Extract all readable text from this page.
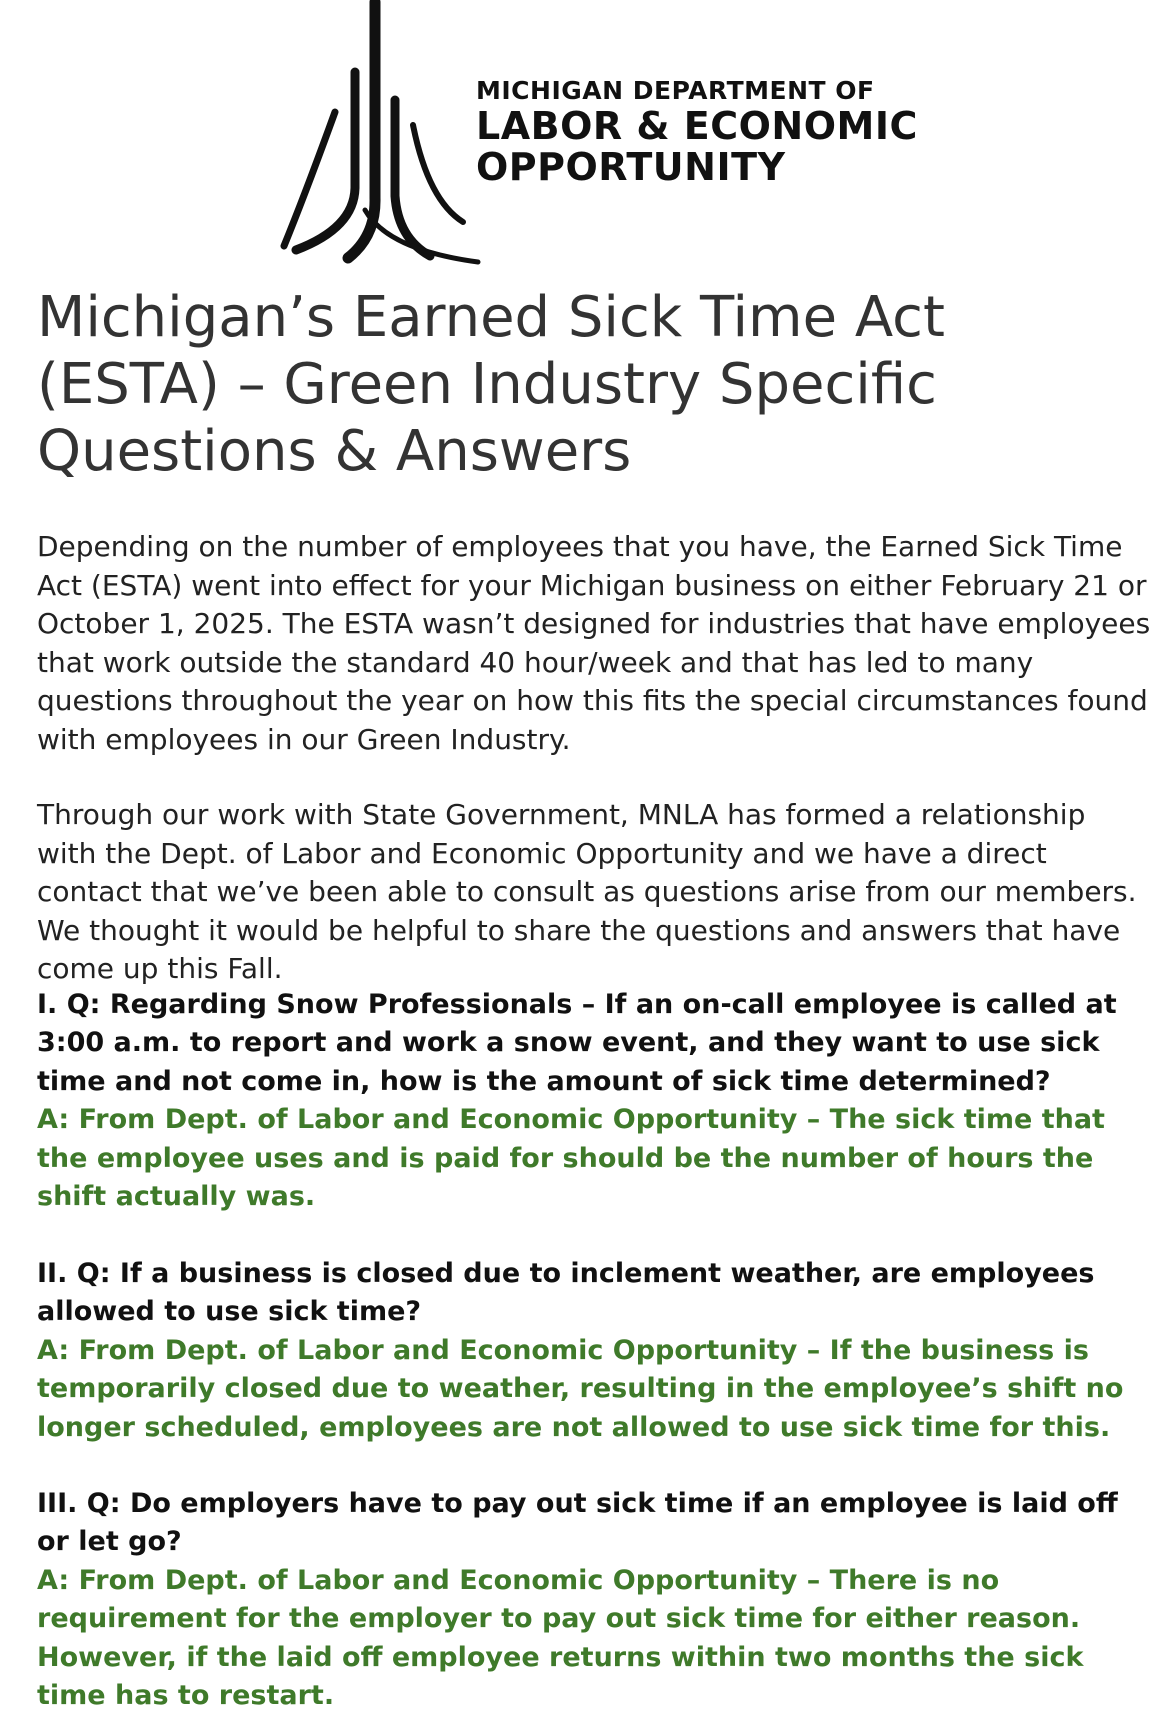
MICHIGAN DEPARTMENT OF
LABOR & ECONOMIC
OPPORTUNITY
Michigan’s Earned Sick Time Act (ESTA) – Green Industry Specific Questions & Answers

Depending on the number of employees that you have, the Earned Sick Time Act (ESTA) went into effect for your Michigan business on either February 21 or October 1, 2025. The ESTA wasn’t designed for industries that have employees that work outside the standard 40 hour/week and that has led to many questions throughout the year on how this fits the special circumstances found with employees in our Green Industry.

Through our work with State Government, MNLA has formed a relationship with the Dept. of Labor and Economic Opportunity and we have a direct contact that we’ve been able to consult as questions arise from our members. We thought it would be helpful to share the questions and answers that have come up this Fall.

I. Q: Regarding Snow Professionals – If an on-call employee is called at 3:00 a.m. to report and work a snow event, and they want to use sick time and not come in, how is the amount of sick time determined?
A: From Dept. of Labor and Economic Opportunity – The sick time that the employee uses and is paid for should be the number of hours the shift actually was.
II. Q: If a business is closed due to inclement weather, are employees allowed to use sick time?
A: From Dept. of Labor and Economic Opportunity – If the business is temporarily closed due to weather, resulting in the employee’s shift no longer scheduled, employees are not allowed to use sick time for this.
III. Q: Do employers have to pay out sick time if an employee is laid off or let go?
A: From Dept. of Labor and Economic Opportunity – There is no requirement for the employer to pay out sick time for either reason. However, if the laid off employee returns within two months the sick time has to restart.
